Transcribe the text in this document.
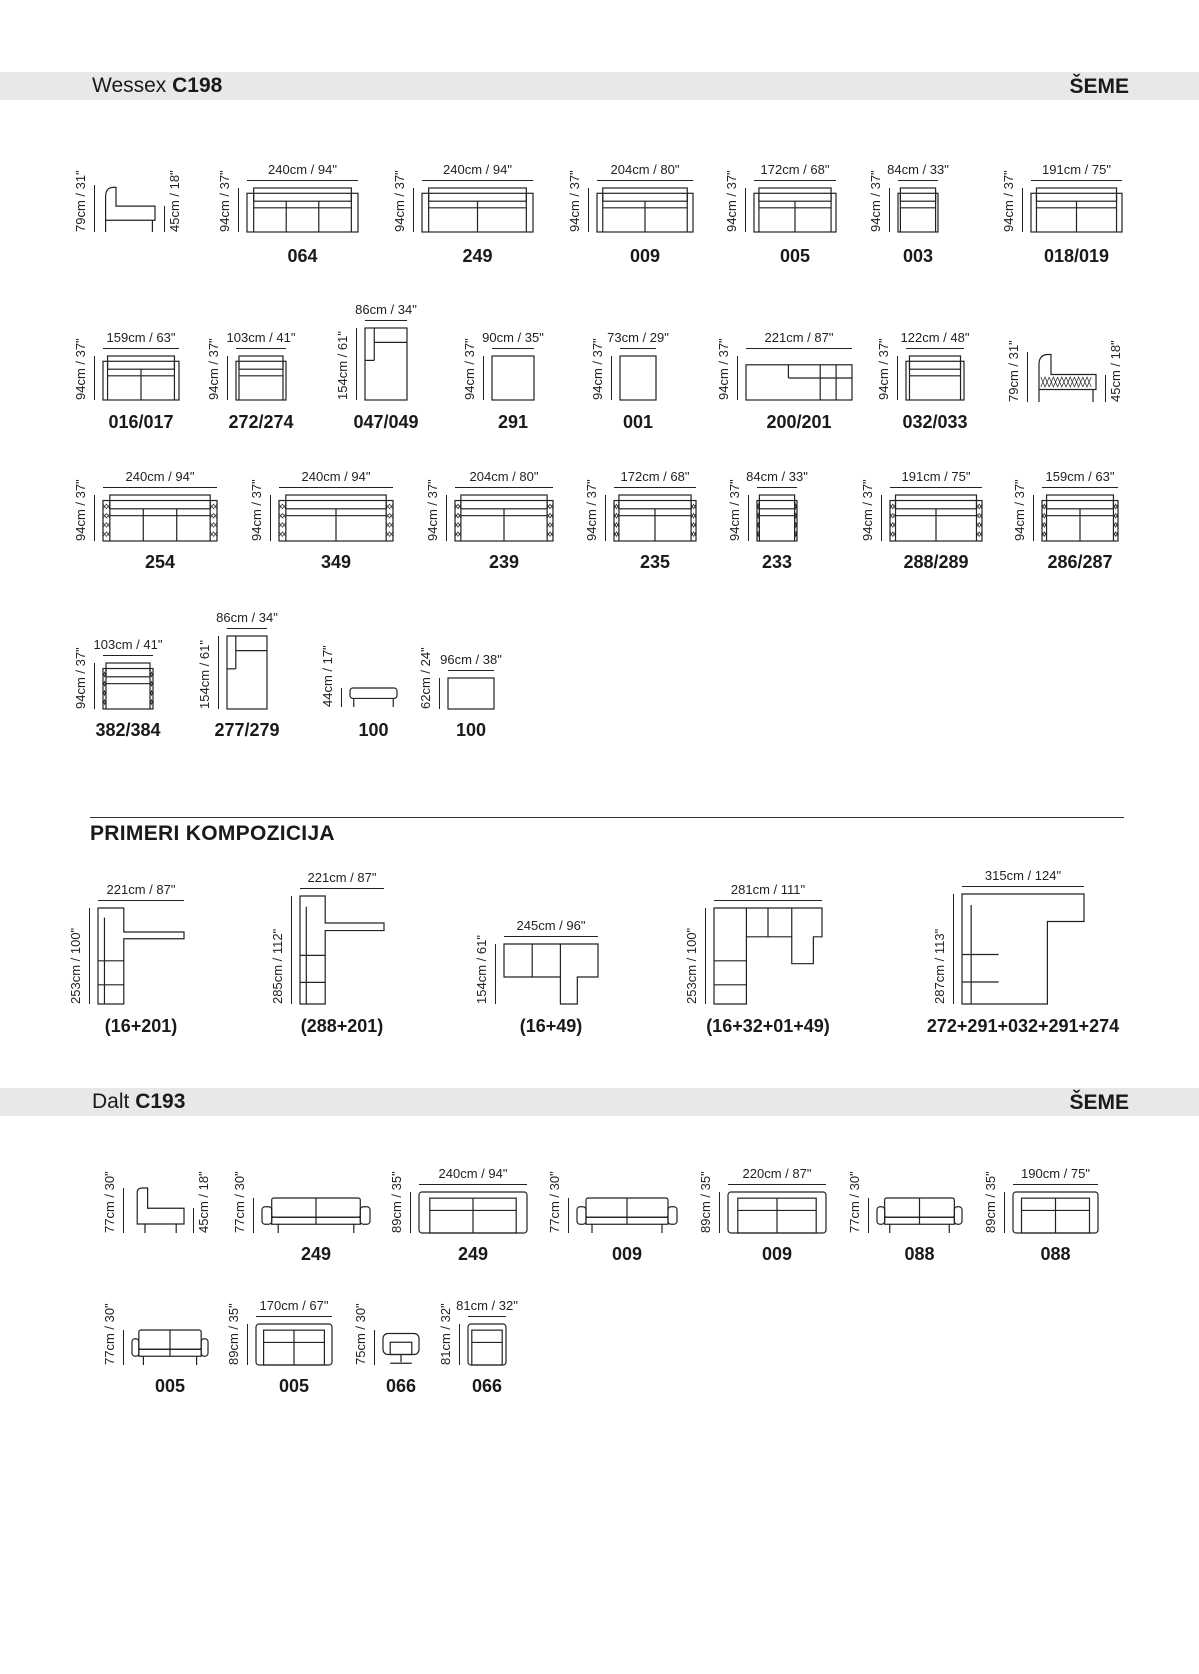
Wessex C198	ŠEME
79cm / 31"	45cm / 18"
240cm / 94"
94cm / 37"
064
240cm / 94"
94cm / 37"
249
204cm / 80"
94cm / 37"
009
172cm / 68"
94cm / 37"
005
84cm / 33"
94cm / 37"
003
191cm / 75"
94cm / 37"
018/019
159cm / 63"
94cm / 37"
016/017
103cm / 41"
94cm / 37"
272/274
86cm / 34"
154cm / 61"
047/049
90cm / 35"
94cm / 37"
291
73cm / 29"
94cm / 37"
001
221cm / 87"
94cm / 37"
200/201
122cm / 48"
94cm / 37"
032/033
79cm / 31"	45cm / 18"
240cm / 94"
94cm / 37"
254
240cm / 94"
94cm / 37"
349
204cm / 80"
94cm / 37"
239
172cm / 68"
94cm / 37"
235
84cm / 33"
94cm / 37"
233
191cm / 75"
94cm / 37"
288/289
159cm / 63"
94cm / 37"
286/287
103cm / 41"
94cm / 37"
382/384
86cm / 34"
154cm / 61"
277/279
44cm / 17"
100
96cm / 38"
62cm / 24"
100
PRIMERI KOMPOZICIJA
221cm / 87"
253cm / 100"
(16+201)
221cm / 87"
285cm / 112"
(288+201)
245cm / 96"
154cm / 61"
(16+49)
281cm / 111"
253cm / 100"
(16+32+01+49)
315cm / 124"
287cm / 113"
272+291+032+291+274
Dalt C193	ŠEME
77cm / 30"	45cm / 18" 77cm / 30"
249
240cm / 94"
89cm / 35"
249
77cm / 30"
009
220cm / 87"
89cm / 35"
009
77cm / 30"
088
190cm / 75"
89cm / 35"
088
77cm / 30"
005
170cm / 67"
89cm / 35"
005
75cm / 30"
066
81cm / 32"
81cm / 32"
066
